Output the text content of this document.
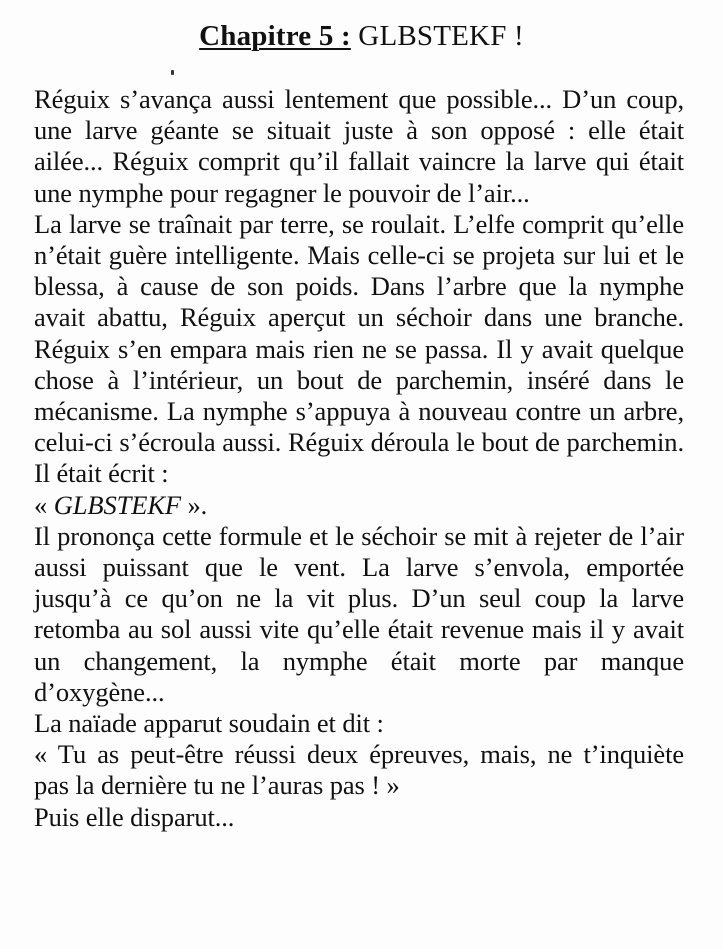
Chapitre 5 : GLBSTEKF !

Réguix s’avança aussi lentement que possible... D’un coup, une larve géante se situait juste à son opposé : elle était ailée... Réguix comprit qu’il fallait vaincre la larve qui était une nymphe pour regagner le pouvoir de l’air...

La larve se traînait par terre, se roulait. L’elfe comprit qu’elle n’était guère intelligente. Mais celle-ci se projeta sur lui et le blessa, à cause de son poids. Dans l’arbre que la nymphe avait abattu, Réguix aperçut un séchoir dans une branche. Réguix s’en empara mais rien ne se passa. Il y avait quelque chose à l’intérieur, un bout de parchemin, inséré dans le mécanisme. La nymphe s’appuya à nouveau contre un arbre, celui-ci s’écroula aussi. Réguix déroula le bout de parchemin. Il était écrit :

« GLBSTEKF ».

Il prononça cette formule et le séchoir se mit à rejeter de l’air aussi puissant que le vent. La larve s’envola, emportée jusqu’à ce qu’on ne la vit plus. D’un seul coup la larve retomba au sol aussi vite qu’elle était revenue mais il y avait un changement, la nymphe était morte par manque d’oxygène...

La naïade apparut soudain et dit :

« Tu as peut-être réussi deux épreuves, mais, ne t’inquiète pas la dernière tu ne l’auras pas ! »

Puis elle disparut...
